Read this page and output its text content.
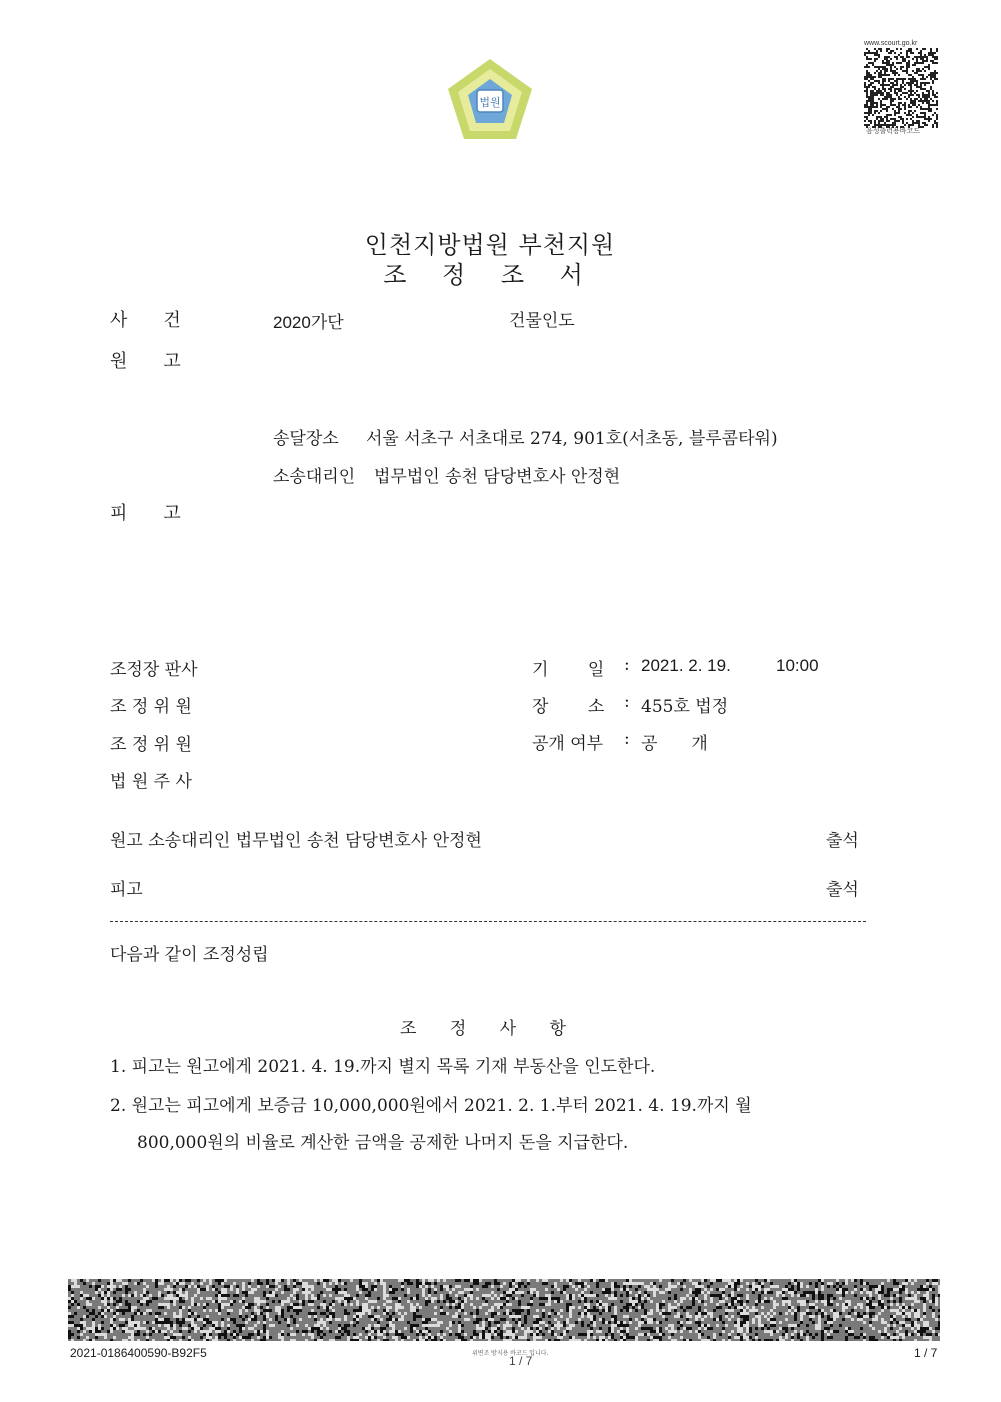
법원
www.scourt.go.kr
음성출력용바코드
인천지방법원 부천지원
조 정 조 서
사　　건	2020가단	건물인도
원　　고
송달장소 서울 서초구 서초대로 274, 901호(서초동, 블루콤타워)
소송대리인 법무법인 송천 담당변호사 안정현
피　　고
조정장 판사
조 정 위 원
조 정 위 원
법 원 주 사
기　　 일 : 2021. 2. 19.	10:00
장　　 소 : 455호 법정
공개 여부 : 공　　개
원고 소송대리인 법무법인 송천 담당변호사 안정현	출석
피고	출석
다음과 같이 조정성립
조 정 사 항
1. 피고는 원고에게 2021. 4. 19.까지 별지 목록 기재 부동산을 인도한다.
2. 원고는 피고에게 보증금 10,000,000원에서 2021. 2. 1.부터 2021. 4. 19.까지 월
800,000원의 비율로 계산한 금액을 공제한 나머지 돈을 지급한다.
2021-0186400590-B92F5	위변조 방지용 바코드 입니다.
1 / 7
1 / 7
